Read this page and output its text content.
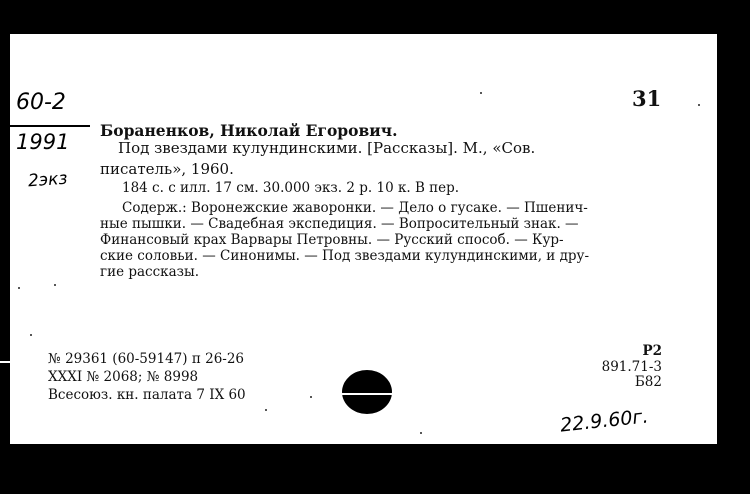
60-2
1991
2экз
31
Бораненков, Николай Егорович.
Под звездами кулундинскими. [Рассказы]. М., «Сов.
писатель», 1960.
184 с. с илл. 17 см. 30.000 экз. 2 р. 10 к. В пер.
Содерж.: Воронежские жаворонки. — Дело о гусаке. — Пшенич-
ные пышки. — Свадебная экспедиция. — Вопросительный знак. —
Финансовый крах Варвары Петровны. — Русский способ. — Кур-
ские соловьи. — Синонимы. — Под звездами кулундинскими, и дру-
гие рассказы.
№ 29361 (60-59147) п 26-26
XXXI № 2068; № 8998
Всесоюз. кн. палата 7 IX 60
Р2
891.71-3
Б82
22.9.60г.
